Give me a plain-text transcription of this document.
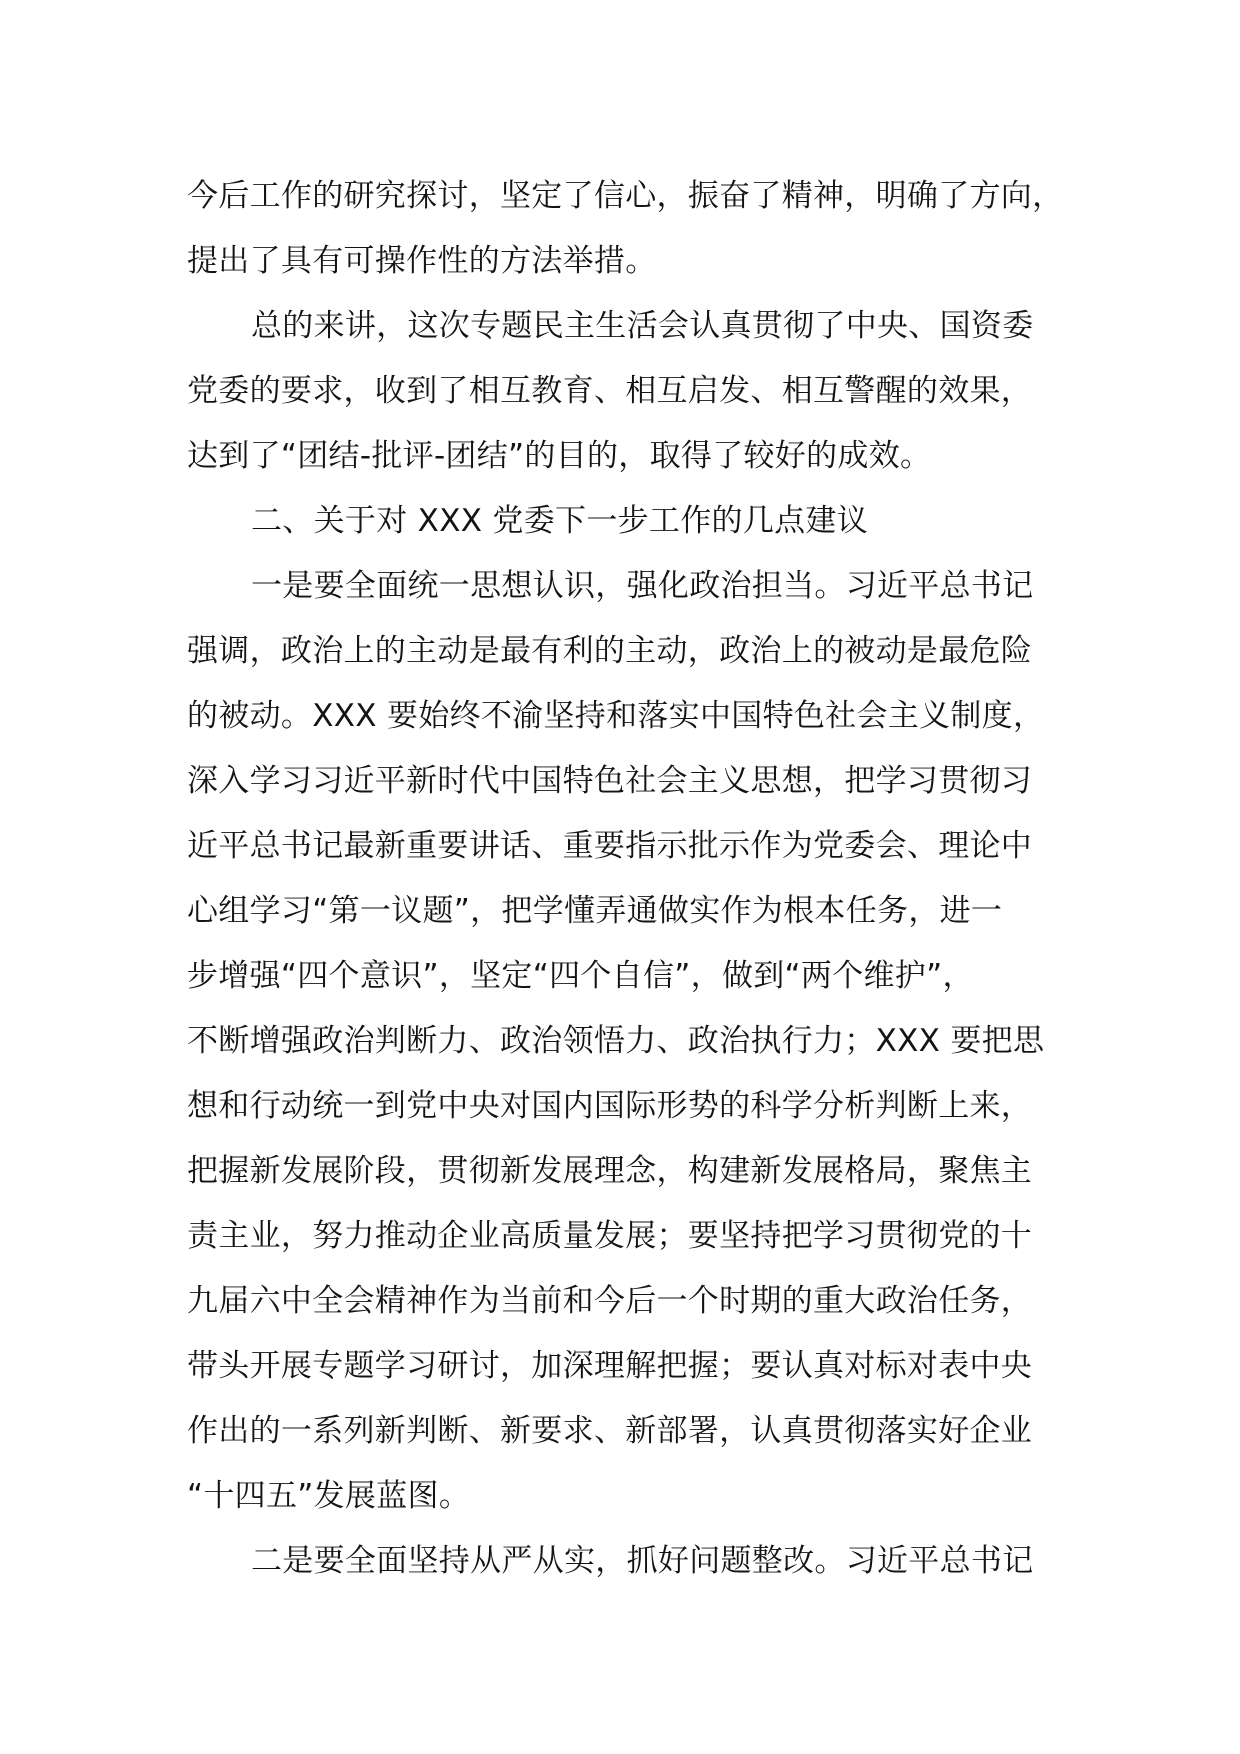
今后工作的研究探讨，坚定了信心，振奋了精神，明确了方向，
提出了具有可操作性的方法举措。
总的来讲，这次专题民主生活会认真贯彻了中央、国资委
党委的要求，收到了相互教育、相互启发、相互警醒的效果，
达到了“团结-批评-团结”的目的，取得了较好的成效。
二、关于对 XXX 党委下一步工作的几点建议
一是要全面统一思想认识，强化政治担当。习近平总书记
强调，政治上的主动是最有利的主动，政治上的被动是最危险
的被动。XXX 要始终不渝坚持和落实中国特色社会主义制度，
深入学习习近平新时代中国特色社会主义思想，把学习贯彻习
近平总书记最新重要讲话、重要指示批示作为党委会、理论中
心组学习“第一议题”，把学懂弄通做实作为根本任务，进一
步增强“四个意识”，坚定“四个自信”，做到“两个维护”，
不断增强政治判断力、政治领悟力、政治执行力；XXX 要把思
想和行动统一到党中央对国内国际形势的科学分析判断上来，
把握新发展阶段，贯彻新发展理念，构建新发展格局，聚焦主
责主业，努力推动企业高质量发展；要坚持把学习贯彻党的十
九届六中全会精神作为当前和今后一个时期的重大政治任务，
带头开展专题学习研讨，加深理解把握；要认真对标对表中央
作出的一系列新判断、新要求、新部署，认真贯彻落实好企业
“十四五”发展蓝图。
二是要全面坚持从严从实，抓好问题整改。习近平总书记
